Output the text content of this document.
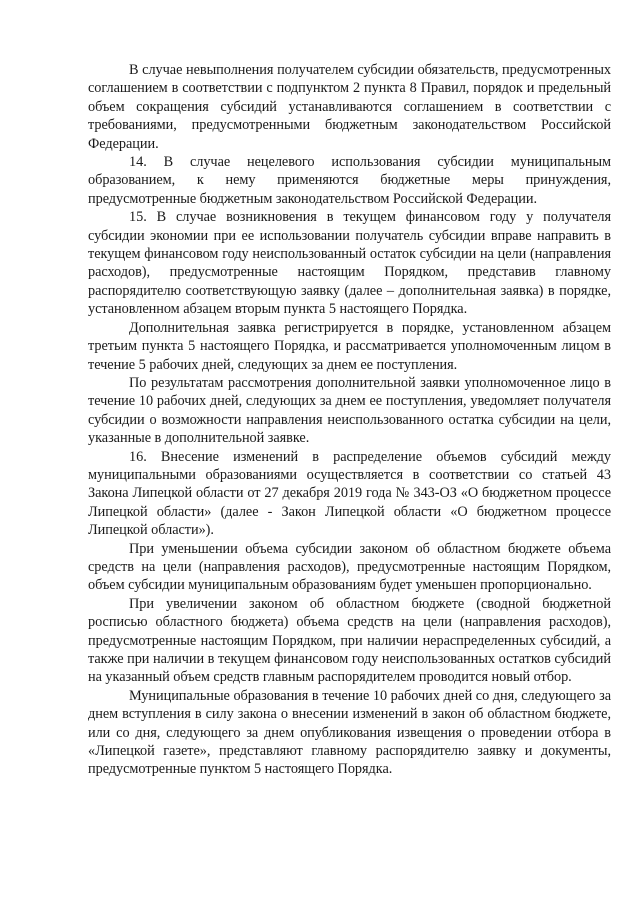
В случае невыполнения получателем субсидии обязательств, предусмотренных соглашением в соответствии с подпунктом 2 пункта 8 Правил, порядок и предельный объем сокращения субсидий устанавливаются соглашением в соответствии с требованиями, предусмотренными бюджетным законодательством Российской Федерации.

14. В случае нецелевого использования субсидии муниципальным образованием, к нему применяются бюджетные меры принуждения, предусмотренные бюджетным законодательством Российской Федерации.

15. В случае возникновения в текущем финансовом году у получателя субсидии экономии при ее использовании получатель субсидии вправе направить в текущем финансовом году неиспользованный остаток субсидии на цели (направления расходов), предусмотренные настоящим Порядком, представив главному распорядителю соответствующую заявку (далее – дополнительная заявка) в порядке, установленном абзацем вторым пункта 5 настоящего Порядка.

Дополнительная заявка регистрируется в порядке, установленном абзацем третьим пункта 5 настоящего Порядка, и рассматривается уполномоченным лицом в течение 5 рабочих дней, следующих за днем ее поступления.

По результатам рассмотрения дополнительной заявки уполномоченное лицо в течение 10 рабочих дней, следующих за днем ее поступления, уведомляет получателя субсидии о возможности направления неиспользованного остатка субсидии на цели, указанные в дополнительной заявке.

16. Внесение изменений в распределение объемов субсидий между муниципальными образованиями осуществляется в соответствии со статьей 43 Закона Липецкой области от 27 декабря 2019 года № 343-ОЗ «О бюджетном процессе Липецкой области» (далее - Закон Липецкой области «О бюджетном процессе Липецкой области»).

При уменьшении объема субсидии законом об областном бюджете объема средств на цели (направления расходов), предусмотренные настоящим Порядком, объем субсидии муниципальным образованиям будет уменьшен пропорционально.

При увеличении законом об областном бюджете (сводной бюджетной росписью областного бюджета) объема средств на цели (направления расходов), предусмотренные настоящим Порядком, при наличии нераспределенных субсидий, а также при наличии в текущем финансовом году неиспользованных остатков субсидий на указанный объем средств главным распорядителем проводится новый отбор.

Муниципальные образования в течение 10 рабочих дней со дня, следующего за днем вступления в силу закона о внесении изменений в закон об областном бюджете, или со дня, следующего за днем опубликования извещения о проведении отбора в «Липецкой газете», представляют главному распорядителю заявку и документы, предусмотренные пунктом 5 настоящего Порядка.
